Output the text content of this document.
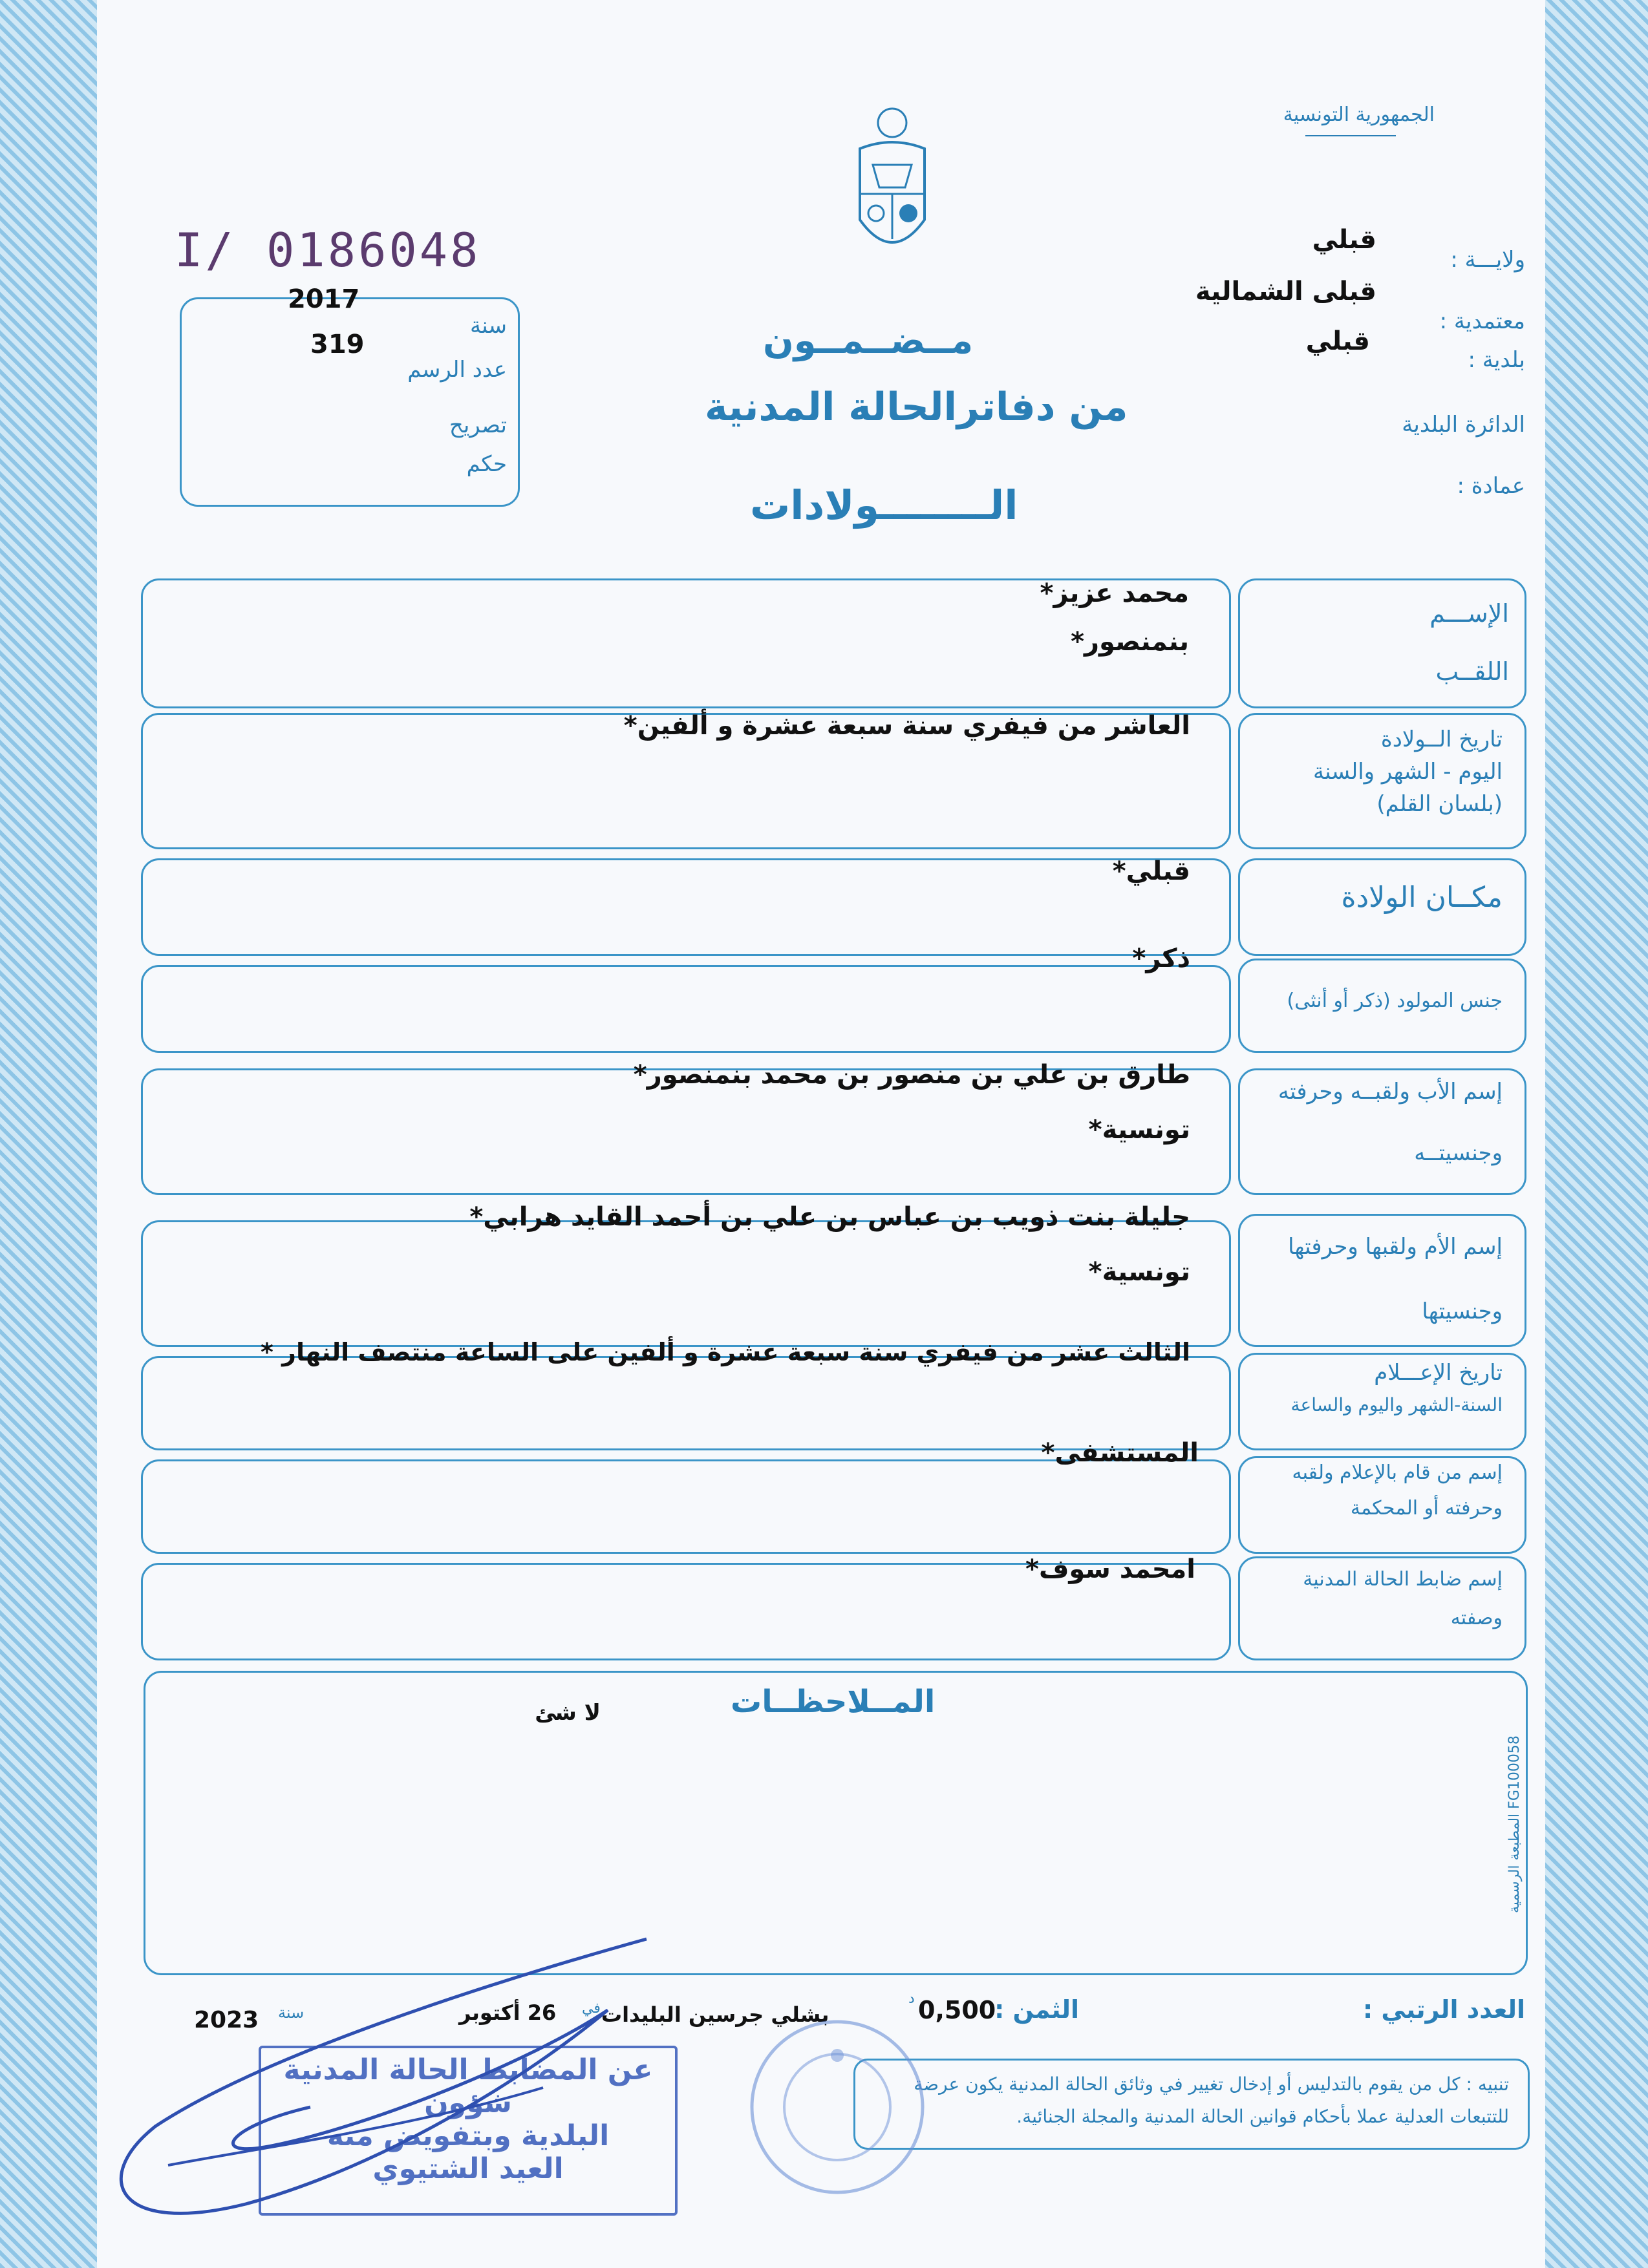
الجمهورية التونسية
I/ 0186048
2017
319
سنة
عدد الرسم
تصريح
حكم
ولايـــة :
معتمدية :
بلدية :
الدائرة البلدية
عمادة :
قبلي
قبلى الشمالية
قبلي
مــضــمــون
من دفاترالحالة المدنية
الــــــــولادات
الإســـم
اللقــب
محمد عزيز*
بنمنصور*
تاريخ الــولادة
اليوم - الشهر والسنة
(بلسان القلم)
العاشر من فيفري سنة سبعة عشرة و ألفين*
مكــان الولادة
قبلي*
جنس المولود (ذكر أو أنثى)
ذكر*
إسم الأب ولقبــه وحرفته
وجنسيتــه
طارق بن علي بن منصور بن محمد بنمنصور*
تونسية*
إسم الأم ولقبها وحرفتها
وجنسيتها
جليلة بنت ذويب بن عباس بن علي بن أحمد القايد هرابي*
تونسية*
تاريخ الإعـــلام
السنة-الشهر واليوم والساعة
الثالث عشر من فيفري سنة سبعة عشرة و ألفين على الساعة منتصف النهار *
إسم من قام بالإعلام ولقبه
وحرفته أو المحكمة
المستشفى*
إسم ضابط الحالة المدنية
وصفته
امحمد سوف*
المــلاحظــات
لا شئ
المطبعة الرسمية FG100058
العدد الرتبي :
الثمن :
0,500
د
بشلي جرسين البليدات
في
26 أكتوبر
سنة
2023
تنبيه : كل من يقوم بالتدليس أو إدخال تغيير في وثائق الحالة المدنية يكون عرضة للتتبعات العدلية عملا بأحكام قوانين الحالة المدنية والمجلة الجنائية.
عن المضابط الحالة المدنية شؤون
البلدية وبتفويض منه
العيد الشتيوي
